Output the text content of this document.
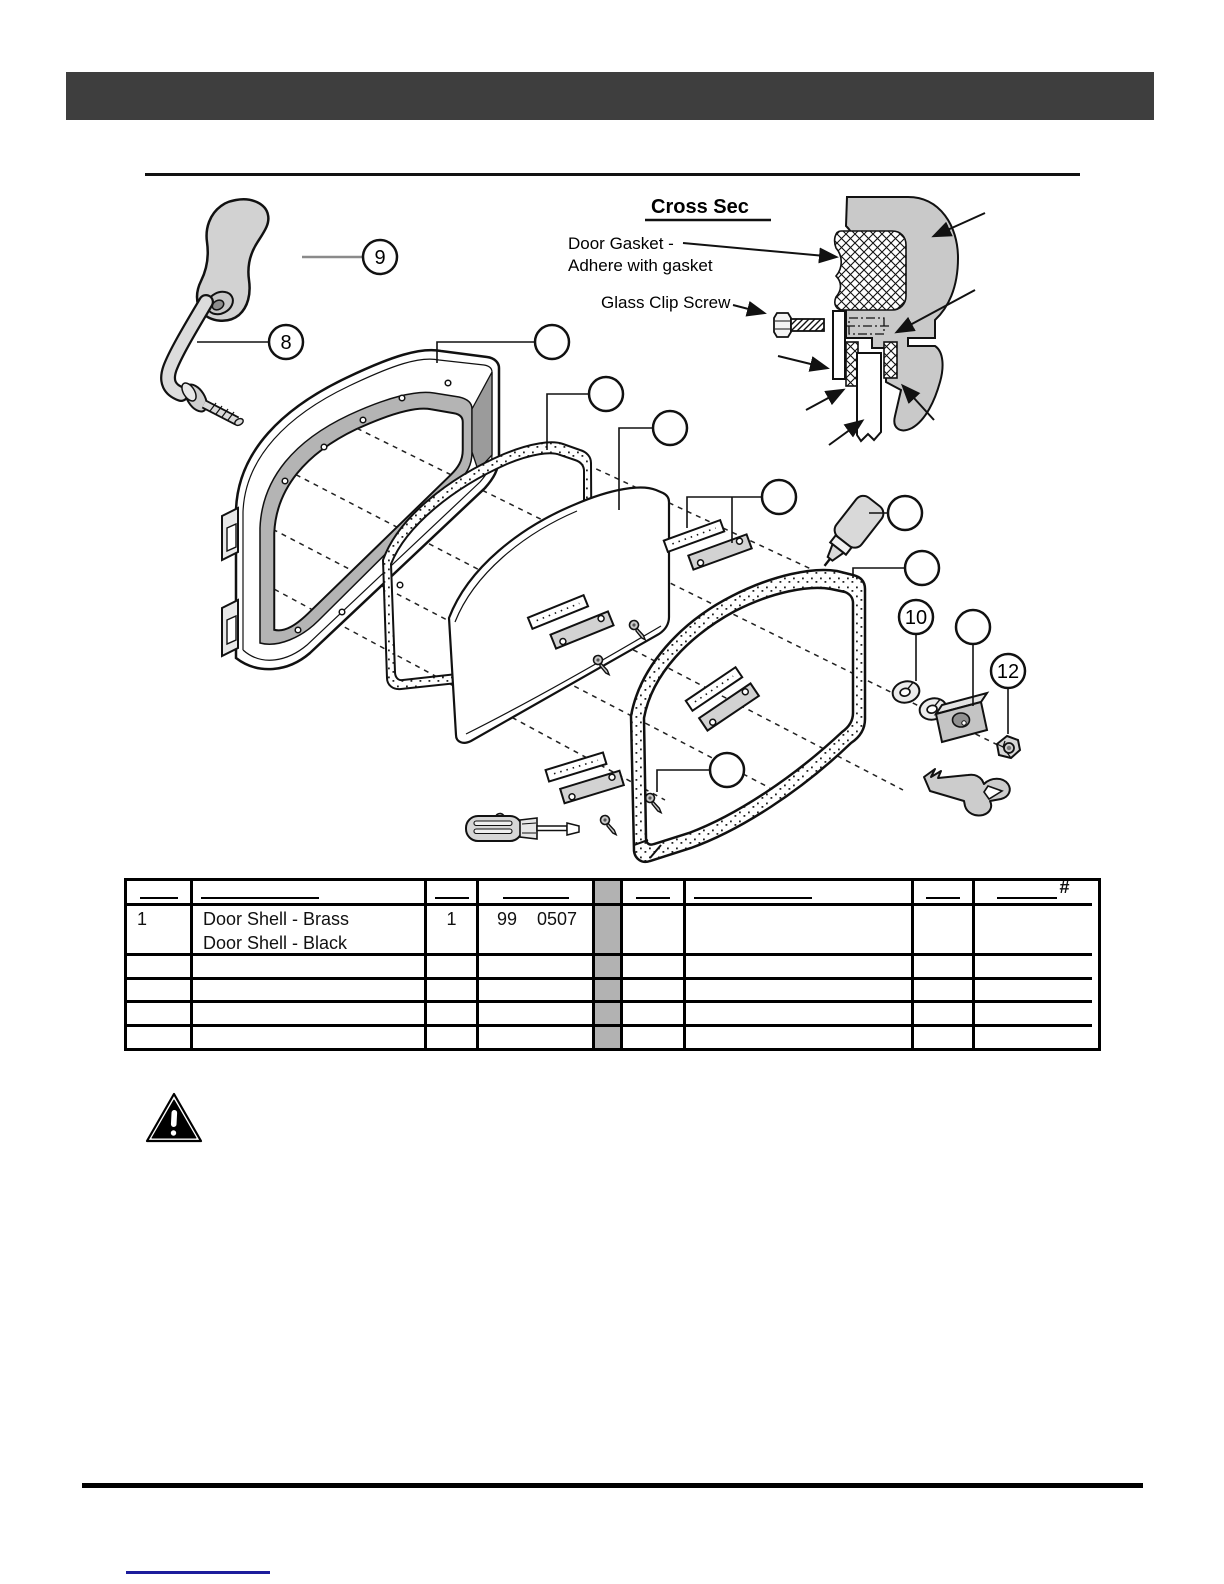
Cross Sec
Door Gasket -
Adhere with gasket
Glass Clip Screw
9
8
10
12
#
1	Door Shell - Brass
Door Shell - Black
1	99    0507
